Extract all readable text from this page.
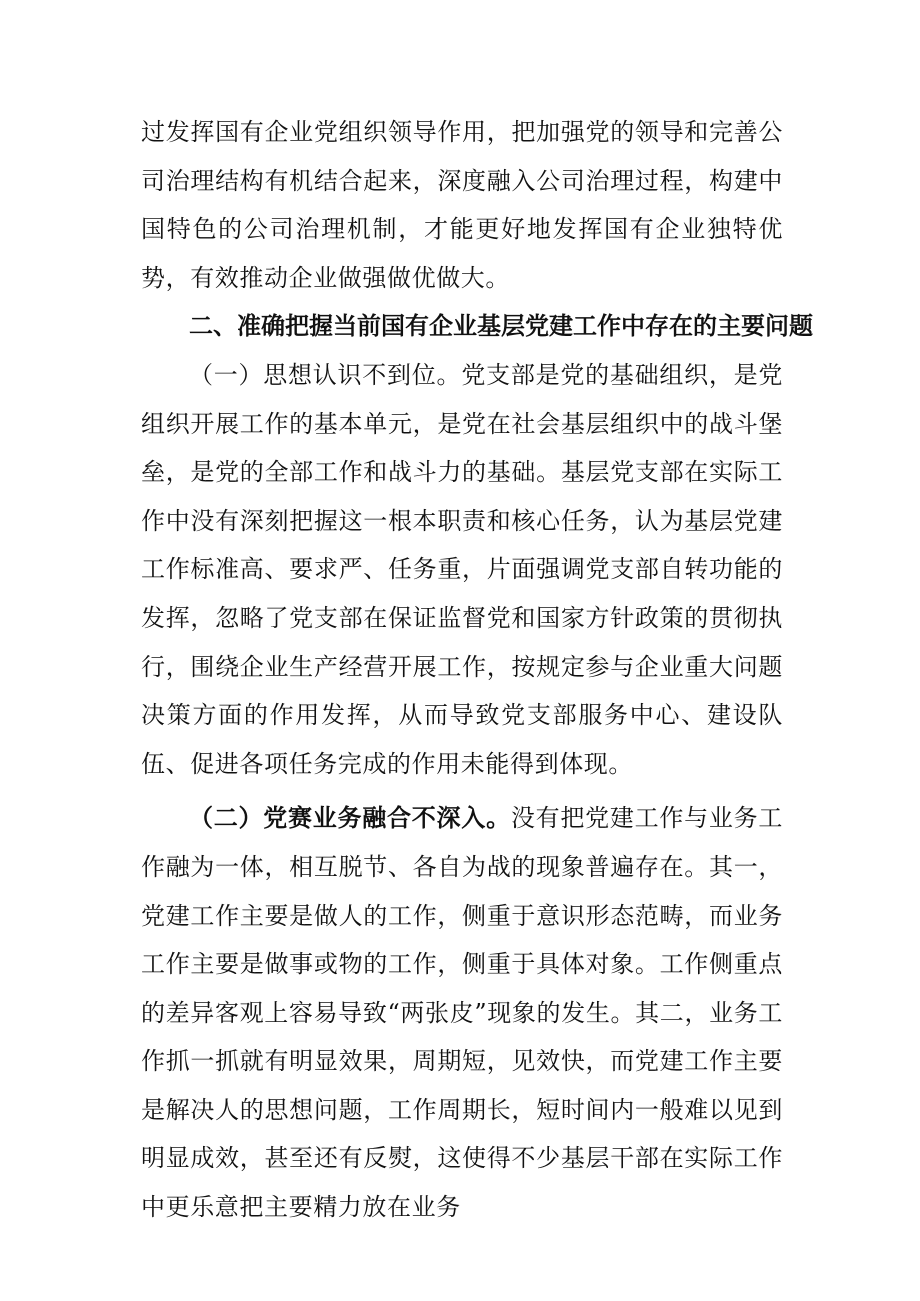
过发挥国有企业党组织领导作用，把加强党的领导和完善公司治理结构有机结合起来，深度融入公司治理过程，构建中国特色的公司治理机制，才能更好地发挥国有企业独特优势，有效推动企业做强做优做大。

二、准确把握当前国有企业基层党建工作中存在的主要问题

（一）思想认识不到位。党支部是党的基础组织，是党组织开展工作的基本单元，是党在社会基层组织中的战斗堡垒，是党的全部工作和战斗力的基础。基层党支部在实际工作中没有深刻把握这一根本职责和核心任务，认为基层党建工作标准高、要求严、任务重，片面强调党支部自转功能的发挥，忽略了党支部在保证监督党和国家方针政策的贯彻执行，围绕企业生产经营开展工作，按规定参与企业重大问题决策方面的作用发挥，从而导致党支部服务中心、建设队伍、促进各项任务完成的作用未能得到体现。

（二）党赛业务融合不深入。没有把党建工作与业务工作融为一体，相互脱节、各自为战的现象普遍存在。其一，党建工作主要是做人的工作，侧重于意识形态范畴，而业务工作主要是做事或物的工作，侧重于具体对象。工作侧重点的差异客观上容易导致“两张皮”现象的发生。其二，业务工作抓一抓就有明显效果，周期短，见效快，而党建工作主要是解决人的思想问题，工作周期长，短时间内一般难以见到明显成效，甚至还有反熨，这使得不少基层干部在实际工作中更乐意把主要精力放在业务
